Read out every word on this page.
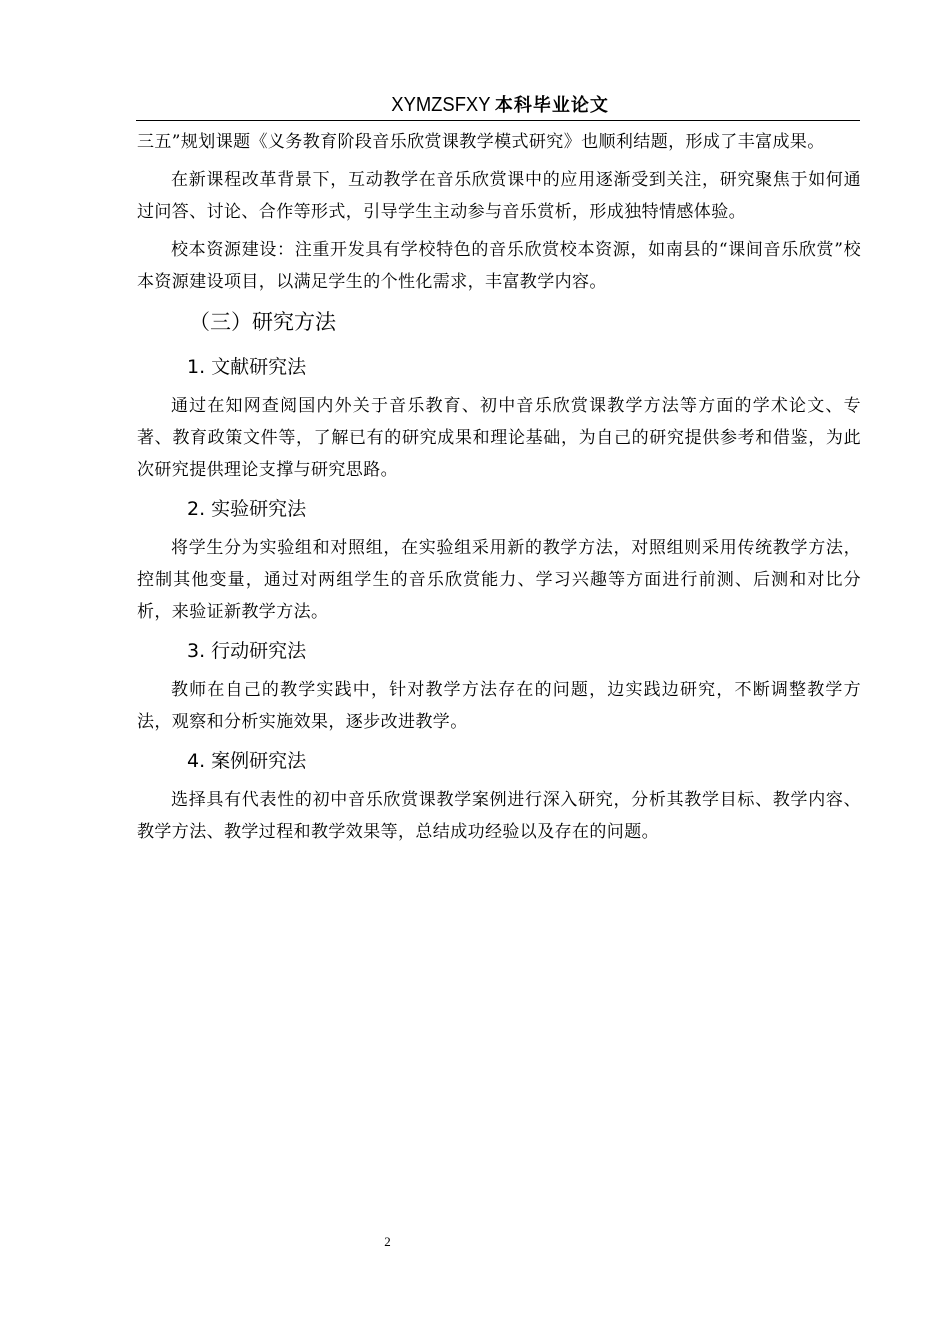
XYMZSFXY 本科毕业论文

三五”规划课题《义务教育阶段音乐欣赏课教学模式研究》也顺利结题，形成了丰富成果。

在新课程改革背景下，互动教学在音乐欣赏课中的应用逐渐受到关注，研究聚焦于如何通过问答、讨论、合作等形式，引导学生主动参与音乐赏析，形成独特情感体验。

校本资源建设：注重开发具有学校特色的音乐欣赏校本资源，如南县的“课间音乐欣赏”校本资源建设项目，以满足学生的个性化需求，丰富教学内容。

（三）研究方法
1. 文献研究法

通过在知网查阅国内外关于音乐教育、初中音乐欣赏课教学方法等方面的学术论文、专著、教育政策文件等，了解已有的研究成果和理论基础，为自己的研究提供参考和借鉴，为此次研究提供理论支撑与研究思路。

2. 实验研究法

将学生分为实验组和对照组，在实验组采用新的教学方法，对照组则采用传统教学方法，控制其他变量，通过对两组学生的音乐欣赏能力、学习兴趣等方面进行前测、后测和对比分析，来验证新教学方法。

3. 行动研究法

教师在自己的教学实践中，针对教学方法存在的问题，边实践边研究，不断调整教学方法，观察和分析实施效果，逐步改进教学。

4. 案例研究法

选择具有代表性的初中音乐欣赏课教学案例进行深入研究，分析其教学目标、教学内容、教学方法、教学过程和教学效果等，总结成功经验以及存在的问题。

2
